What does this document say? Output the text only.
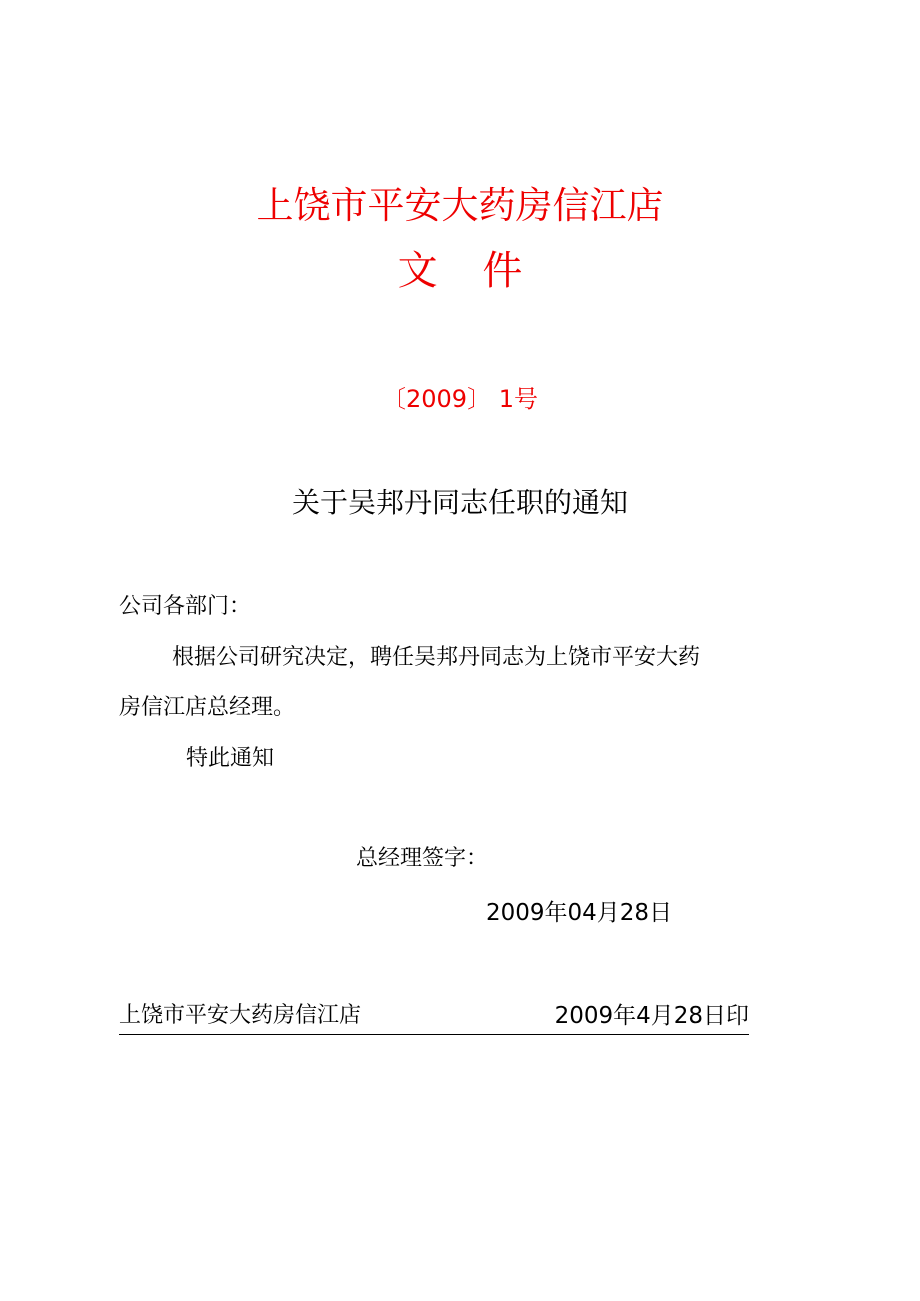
上饶市平安大药房信江店
文 件
〔2009〕 1号
关于吴邦丹同志任职的通知
公司各部门：
根据公司研究决定，聘任吴邦丹同志为上饶市平安大药
房信江店总经理。
特此通知
总经理签字：
2009年04月28日
上饶市平安大药房信江店	2009年4月28日印
